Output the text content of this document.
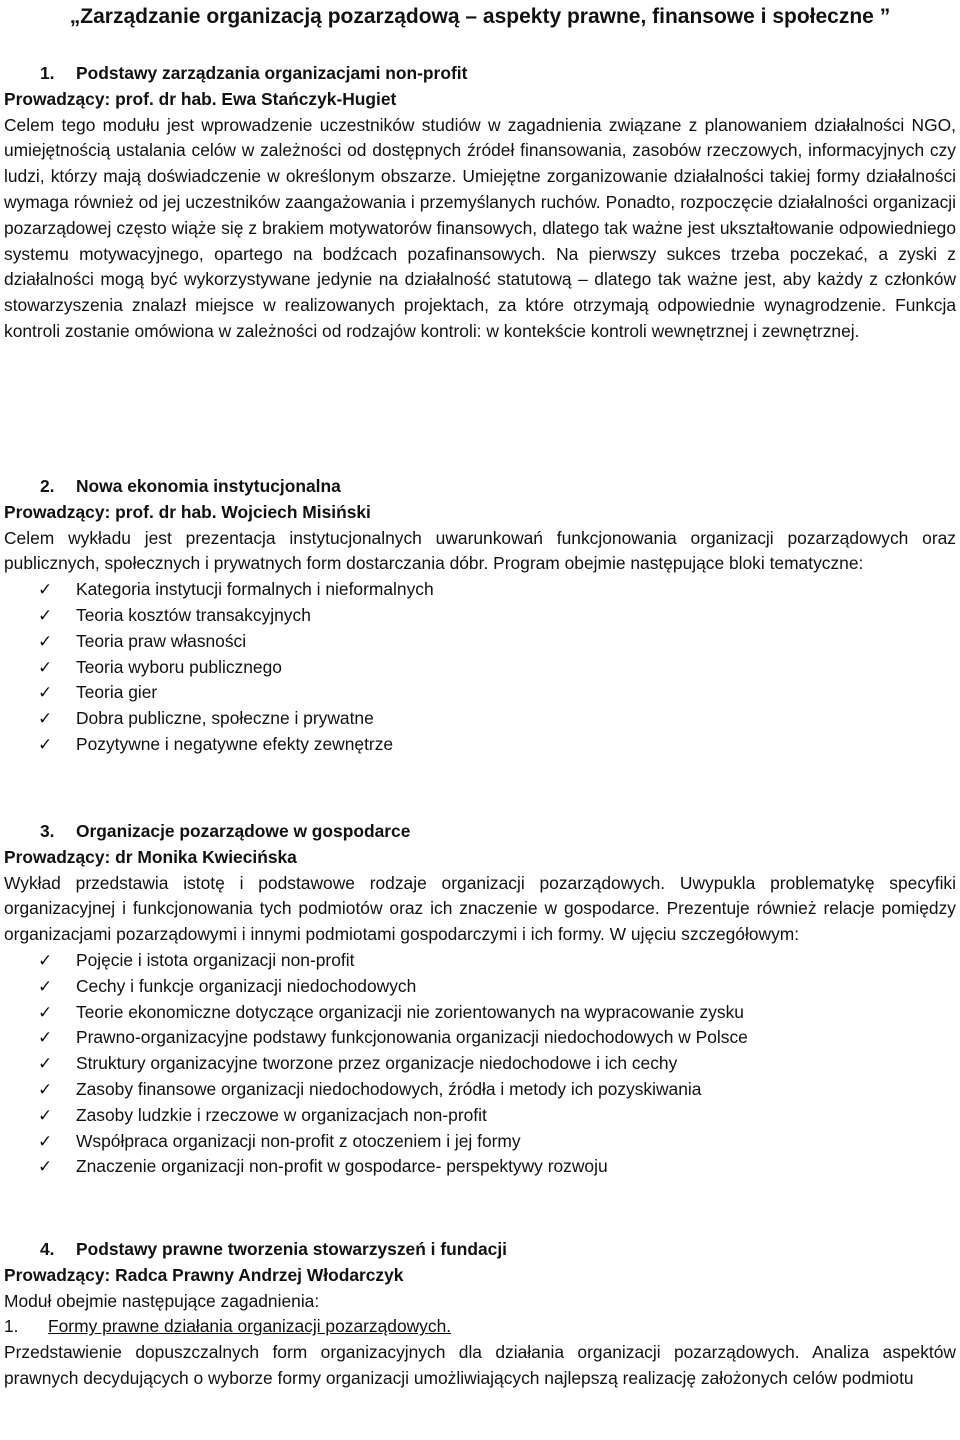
„Zarządzanie organizacją pozarządową – aspekty prawne, finansowe i społeczne ”
1. Podstawy zarządzania organizacjami non-profit
Prowadzący: prof. dr hab. Ewa Stańczyk-Hugiet

Celem tego modułu jest wprowadzenie uczestników studiów w zagadnienia związane z planowaniem działalności NGO, umiejętnością ustalania celów w zależności od dostępnych źródeł finansowania, zasobów rzeczowych, informacyjnych czy ludzi, którzy mają doświadczenie w określonym obszarze. Umiejętne zorganizowanie działalności takiej formy działalności wymaga również od jej uczestników zaangażowania i przemyślanych ruchów. Ponadto, rozpoczęcie działalności organizacji pozarządowej często wiąże się z brakiem motywatorów finansowych, dlatego tak ważne jest ukształtowanie odpowiedniego systemu motywacyjnego, opartego na bodźcach pozafinansowych. Na pierwszy sukces trzeba poczekać, a zyski z działalności mogą być wykorzystywane jedynie na działalność statutową – dlatego tak ważne jest, aby każdy z członków stowarzyszenia znalazł miejsce w realizowanych projektach, za które otrzymają odpowiednie wynagrodzenie. Funkcja kontroli zostanie omówiona w zależności od rodzajów kontroli: w kontekście kontroli wewnętrznej i zewnętrznej.

2. Nowa ekonomia instytucjonalna
Prowadzący: prof. dr hab. Wojciech Misiński

Celem wykładu jest prezentacja instytucjonalnych uwarunkowań funkcjonowania organizacji pozarządowych oraz publicznych, społecznych i prywatnych form dostarczania dóbr. Program obejmie następujące bloki tematyczne:

✓ Kategoria instytucji formalnych i nieformalnych
✓ Teoria kosztów transakcyjnych
✓ Teoria praw własności
✓ Teoria wyboru publicznego
✓ Teoria gier
✓ Dobra publiczne, społeczne i prywatne
✓ Pozytywne i negatywne efekty zewnętrze
3. Organizacje pozarządowe w gospodarce
Prowadzący: dr Monika Kwiecińska

Wykład przedstawia istotę i podstawowe rodzaje organizacji pozarządowych. Uwypukla problematykę specyfiki organizacyjnej i funkcjonowania tych podmiotów oraz ich znaczenie w gospodarce. Prezentuje również relacje pomiędzy organizacjami pozarządowymi i innymi podmiotami gospodarczymi i ich formy. W ujęciu szczegółowym:

✓ Pojęcie i istota organizacji non-profit
✓ Cechy i funkcje organizacji niedochodowych
✓ Teorie ekonomiczne dotyczące organizacji nie zorientowanych na wypracowanie zysku
✓ Prawno-organizacyjne podstawy funkcjonowania organizacji niedochodowych w Polsce
✓ Struktury organizacyjne tworzone przez organizacje niedochodowe i ich cechy
✓ Zasoby finansowe organizacji niedochodowych, źródła i metody ich pozyskiwania
✓ Zasoby ludzkie i rzeczowe w organizacjach non-profit
✓ Współpraca organizacji non-profit z otoczeniem i jej formy
✓ Znaczenie organizacji non-profit w gospodarce- perspektywy rozwoju
4. Podstawy prawne tworzenia stowarzyszeń i fundacji
Prowadzący: Radca Prawny Andrzej Włodarczyk
Moduł obejmie następujące zagadnienia:
1. Formy prawne działania organizacji pozarządowych.

Przedstawienie dopuszczalnych form organizacyjnych dla działania organizacji pozarządowych. Analiza aspektów prawnych decydujących o wyborze formy organizacji umożliwiających najlepszą realizację założonych celów podmiotu
